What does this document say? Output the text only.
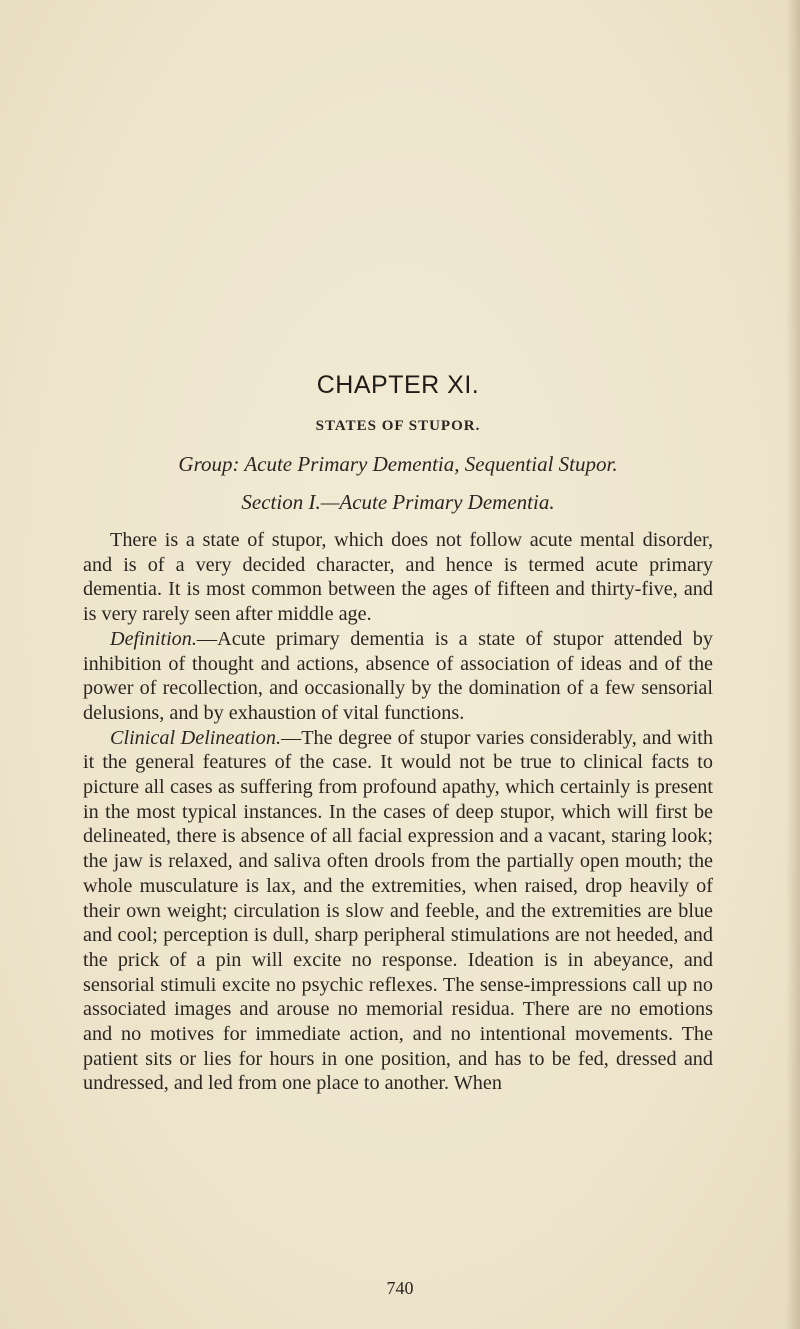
CHAPTER XI.
STATES OF STUPOR.
Group: Acute Primary Dementia, Sequential Stupor.
Section I.—Acute Primary Dementia.

There is a state of stupor, which does not follow acute mental disorder, and is of a very decided character, and hence is termed acute primary dementia. It is most common between the ages of fifteen and thirty-five, and is very rarely seen after middle age.

Definition.—Acute primary dementia is a state of stupor attended by inhibition of thought and actions, absence of association of ideas and of the power of recollection, and occasionally by the domination of a few sensorial delusions, and by exhaustion of vital functions.

Clinical Delineation.—The degree of stupor varies considerably, and with it the general features of the case. It would not be true to clinical facts to picture all cases as suffering from profound apathy, which certainly is present in the most typical instances. In the cases of deep stupor, which will first be delineated, there is absence of all facial expression and a vacant, staring look; the jaw is relaxed, and saliva often drools from the partially open mouth; the whole musculature is lax, and the extremities, when raised, drop heavily of their own weight; circulation is slow and feeble, and the extremities are blue and cool; perception is dull, sharp peripheral stimulations are not heeded, and the prick of a pin will excite no response. Ideation is in abeyance, and sensorial stimuli excite no psychic reflexes. The sense-impressions call up no associated images and arouse no memorial residua. There are no emotions and no motives for immediate action, and no intentional movements. The patient sits or lies for hours in one position, and has to be fed, dressed and undressed, and led from one place to another. When

740
